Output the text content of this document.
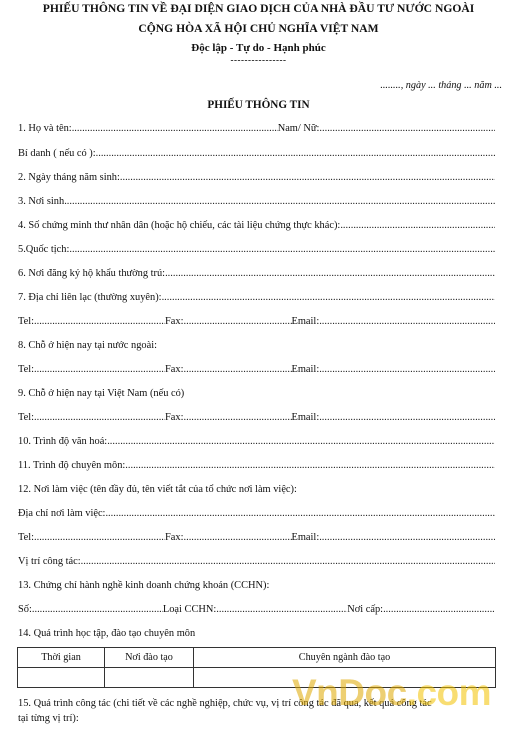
PHIẾU THÔNG TIN VỀ ĐẠI DIỆN GIAO DỊCH CỦA NHÀ ĐẦU TƯ NƯỚC NGOÀI
CỘNG HÒA XÃ HỘI CHỦ NGHĨA VIỆT NAM
Độc lập - Tự do - Hạnh phúc
----------------
........, ngày ... tháng ... năm ...
PHIẾU THÔNG TIN
1. Họ và tên: .....	Nam/ Nữ:
.....
Bí danh ( nếu có ):
.....
2. Ngày tháng năm sinh:
.....
3. Nơi sinh
.....
4. Số chứng minh thư nhân dân (hoặc hộ chiếu, các tài liệu chứng thực khác):
.....
5.Quốc tịch:
.....
6. Nơi đăng ký hộ khẩu thường trú:
.....
7. Địa chỉ liên lạc (thường xuyên):
.....
Tel: .....	Fax: .....	Email:
.....
8. Chỗ ở hiện nay tại nước ngoài:
Tel: .....	Fax: .....	Email:
.....
9. Chỗ ở hiện nay tại Việt Nam (nếu có)
Tel: .....	Fax: .....	Email:
.....
10. Trình độ văn hoá:
.....
11. Trình độ chuyên môn:
.....
12. Nơi làm việc (tên đầy đủ, tên viết tắt của tổ chức nơi làm việc):
Địa chỉ nơi làm việc:
.....
Tel: .....	Fax: .....	Email:
.....
Vị trí công tác:
.....
13. Chứng chỉ hành nghề kinh doanh chứng khoán (CCHN):
Số: .....	Loại CCHN: .....	Nơi cấp:
.....
14. Quá trình học tập, đào tạo chuyên môn
Thời gian	Nơi đào tạo	Chuyên ngành đào tạo

15. Quá trình công tác (chi tiết về các nghề nghiệp, chức vụ, vị trí công tác đã qua, kết quả công tác
tại từng vị trí):
VnDoc.com
